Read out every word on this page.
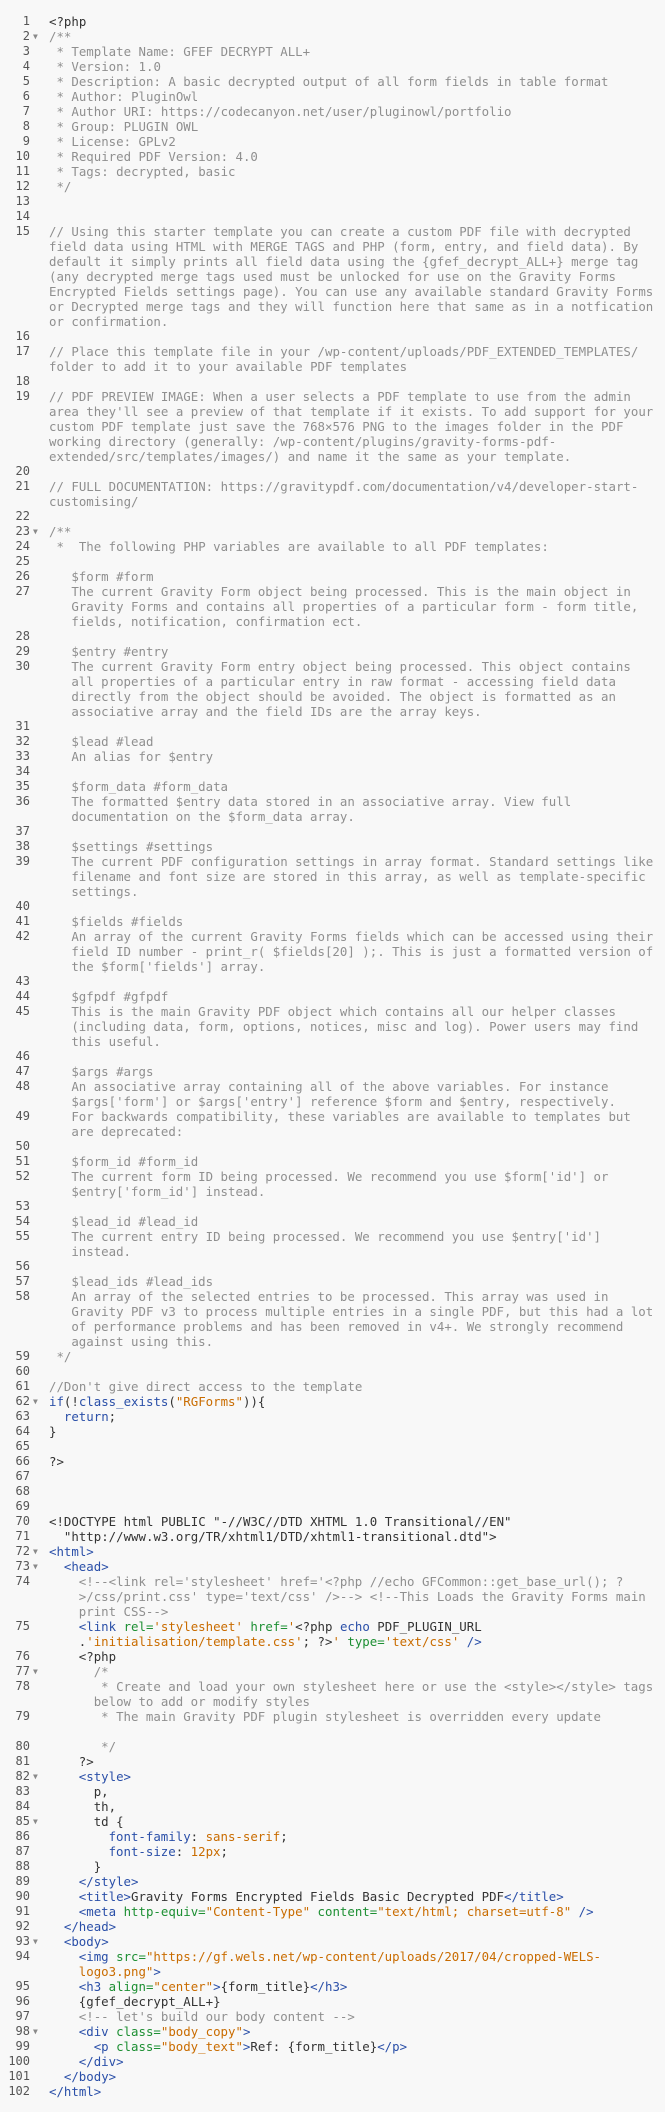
1 <?php
2 ▼ /**
3 * Template Name: GFEF DECRYPT ALL+
4 * Version: 1.0
5 * Description: A basic decrypted output of all form fields in table format
6 * Author: PluginOwl
7 * Author URI: https://codecanyon.net/user/pluginowl/portfolio
8 * Group: PLUGIN OWL
9 * License: GPLv2
10 * Required PDF Version: 4.0
11 * Tags: decrypted, basic
12 */
13
14
15 // Using this starter template you can create a custom PDF file with decrypted field data using HTML with MERGE TAGS and PHP (form, entry, and field data). By default it simply prints all field data using the {gfef_decrypt_ALL+} merge tag (any decrypted merge tags used must be unlocked for use on the Gravity Forms Encrypted Fields settings page). You can use any available standard Gravity Forms or Decrypted merge tags and they will function here that same as in a notfication or confirmation.
16
17 // Place this template file in your /wp-content/uploads/PDF_EXTENDED_TEMPLATES/ folder to add it to your available PDF templates
18
19 // PDF PREVIEW IMAGE: When a user selects a PDF template to use from the admin area they'll see a preview of that template if it exists. To add support for your custom PDF template just save the 768×576 PNG to the images folder in the PDF working directory (generally: /wp-content/plugins/gravity-forms-pdf-extended/src/templates/images/) and name it the same as your template.
20
21 // FULL DOCUMENTATION: https://gravitypdf.com/documentation/v4/developer-start-customising/
22
23 ▼ /**
24 *  The following PHP variables are available to all PDF templates:
25
26	$form #form
27	The current Gravity Form object being processed. This is the main object in Gravity Forms and contains all properties of a particular form - form title, fields, notification, confirmation ect.
28
29	$entry #entry
30	The current Gravity Form entry object being processed. This object contains all properties of a particular entry in raw format - accessing field data directly from the object should be avoided. The object is formatted as an associative array and the field IDs are the array keys.
31
32	$lead #lead
33	An alias for $entry
34
35	$form_data #form_data
36	The formatted $entry data stored in an associative array. View full documentation on the $form_data array.
37
38	$settings #settings
39	The current PDF configuration settings in array format. Standard settings like filename and font size are stored in this array, as well as template-specific settings.
40
41	$fields #fields
42	An array of the current Gravity Forms fields which can be accessed using their field ID number - print_r( $fields[20] );. This is just a formatted version of the $form['fields'] array.
43
44	$gfpdf #gfpdf
45	This is the main Gravity PDF object which contains all our helper classes (including data, form, options, notices, misc and log). Power users may find this useful.
46
47	$args #args
48	An associative array containing all of the above variables. For instance $args['form'] or $args['entry'] reference $form and $entry, respectively.
49	For backwards compatibility, these variables are available to templates but are deprecated:
50
51	$form_id #form_id
52	The current form ID being processed. We recommend you use $form['id'] or $entry['form_id'] instead.
53
54	$lead_id #lead_id
55	The current entry ID being processed. We recommend you use $entry['id'] instead.
56
57	$lead_ids #lead_ids
58	An array of the selected entries to be processed. This array was used in Gravity PDF v3 to process multiple entries in a single PDF, but this had a lot of performance problems and has been removed in v4+. We strongly recommend against using this.
59 */
60
61 //Don't give direct access to the template
62 ▼ if(!class_exists("RGForms")){
63	return;
64 }
65
66 ?>
67
68
69
70 <!DOCTYPE html PUBLIC "-//W3C//DTD XHTML 1.0 Transitional//EN"
"http://www.w3.org/TR/xhtml1/DTD/xhtml1-transitional.dtd">
72 ▼ <html>
73 ▼	<head>
74	<!--<link rel='stylesheet' href='<?php //echo GFCommon::get_base_url(); ?>/css/print.css' type='text/css' />--> <!--This Loads the Gravity Forms main print CSS-->
75	<link rel='stylesheet' href='<?php echo PDF_PLUGIN_URL .'initialisation/template.css'; ?>' type='text/css' />
76	<?php
77 ▼	/*
78	* Create and load your own stylesheet here or use the <style></style> tags below to add or modify styles
79	* The main Gravity PDF plugin stylesheet is overridden every update
80	*/
81	?>
82 ▼	<style>
83	p,
84	th,
85 ▼	td {
86	font-family: sans-serif;
87	font-size: 12px;
88	}
89	</style>
90	<title>Gravity Forms Encrypted Fields Basic Decrypted PDF</title>
91	<meta http-equiv="Content-Type" content="text/html; charset=utf-8" />
92	</head>
93 ▼	<body>
94	<img src="https://gf.wels.net/wp-content/uploads/2017/04/cropped-WELS-logo3.png">
95	<h3 align="center">{form_title}</h3>
96	{gfef_decrypt_ALL+}
97	<!-- let's build our body content -->
98 ▼	<div class="body_copy">
99	<p class="body_text">Ref: {form_title}</p>
100	</div>
101	</body>
102 </html>
71
